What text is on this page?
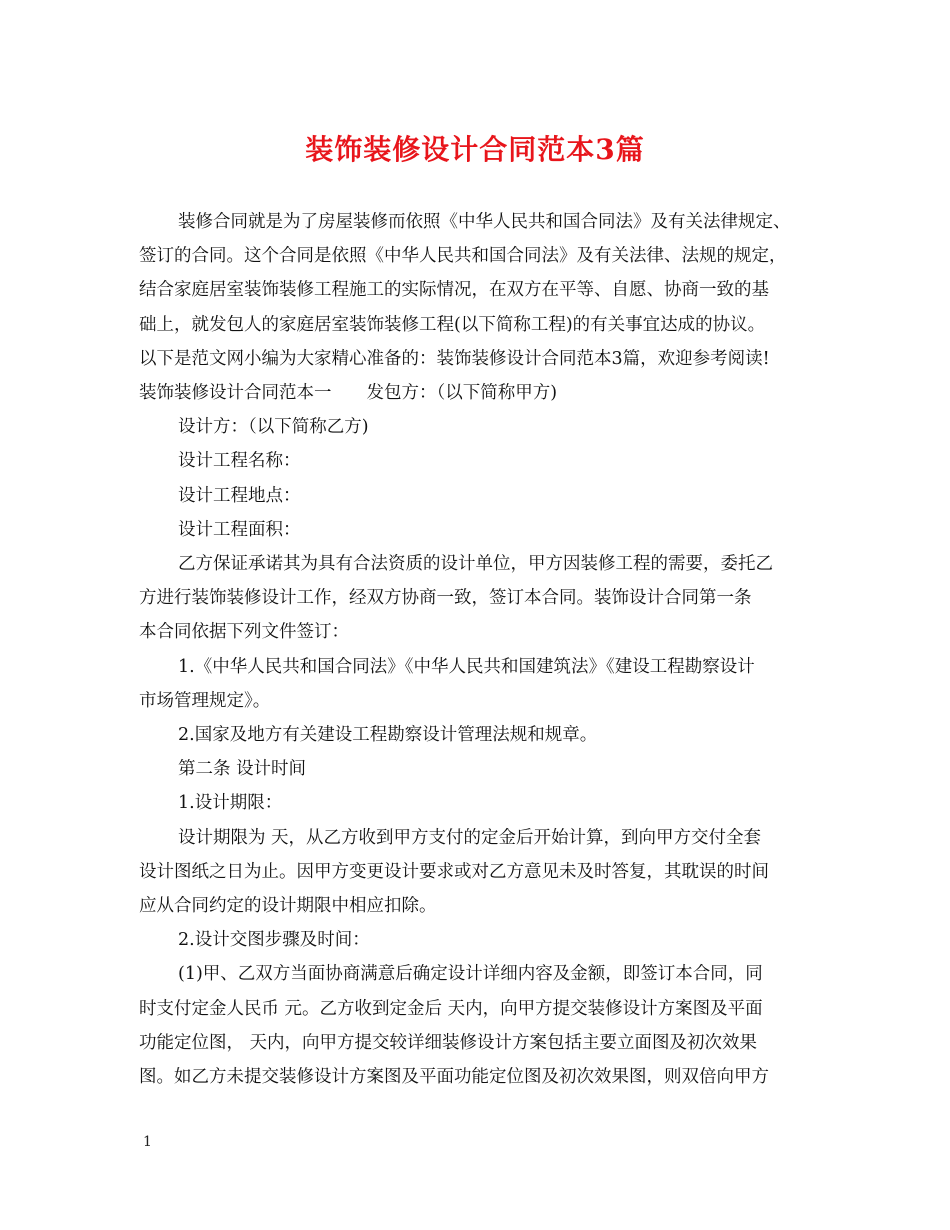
装饰装修设计合同范本3篇

装修合同就是为了房屋装修而依照《中华人民共和国合同法》及有关法律规定、

签订的合同。这个合同是依照《中华人民共和国合同法》及有关法律、法规的规定，

结合家庭居室装饰装修工程施工的实际情况，在双方在平等、自愿、协商一致的基

础上，就发包人的家庭居室装饰装修工程(以下简称工程)的有关事宜达成的协议。

以下是范文网小编为大家精心准备的：装饰装修设计合同范本3篇，欢迎参考阅读!

装饰装修设计合同范本一　　发包方：（以下简称甲方)

设计方：（以下简称乙方)

设计工程名称：

设计工程地点：

设计工程面积：

乙方保证承诺其为具有合法资质的设计单位，甲方因装修工程的需要，委托乙

方进行装饰装修设计工作，经双方协商一致，签订本合同。装饰设计合同第一条

本合同依据下列文件签订：

1.《中华人民共和国合同法》《中华人民共和国建筑法》《建设工程勘察设计

市场管理规定》。

2.国家及地方有关建设工程勘察设计管理法规和规章。

第二条 设计时间

1.设计期限：

设计期限为 天，从乙方收到甲方支付的定金后开始计算，到向甲方交付全套

设计图纸之日为止。因甲方变更设计要求或对乙方意见未及时答复，其耽误的时间

应从合同约定的设计期限中相应扣除。

2.设计交图步骤及时间：

(1)甲、乙双方当面协商满意后确定设计详细内容及金额，即签订本合同，同

时支付定金人民币 元。乙方收到定金后 天内，向甲方提交装修设计方案图及平面

功能定位图， 天内，向甲方提交较详细装修设计方案包括主要立面图及初次效果

图。如乙方未提交装修设计方案图及平面功能定位图及初次效果图，则双倍向甲方

1
